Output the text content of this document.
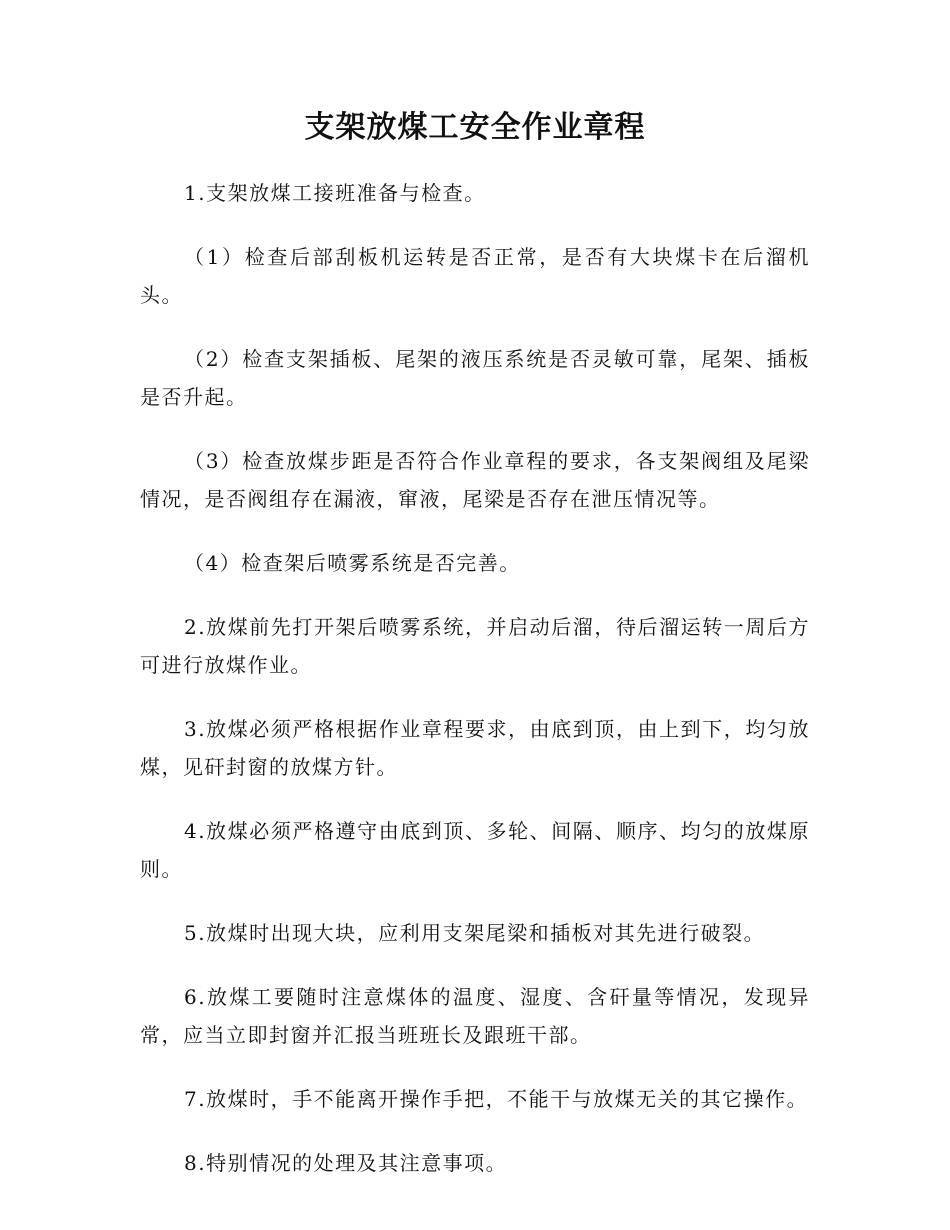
支架放煤工安全作业章程

1.支架放煤工接班准备与检查。

（1）检查后部刮板机运转是否正常，是否有大块煤卡在后溜机头。

（2）检查支架插板、尾架的液压系统是否灵敏可靠，尾架、插板是否升起。

（3）检查放煤步距是否符合作业章程的要求，各支架阀组及尾梁情况，是否阀组存在漏液，窜液，尾梁是否存在泄压情况等。

（4）检查架后喷雾系统是否完善。

2.放煤前先打开架后喷雾系统，并启动后溜，待后溜运转一周后方可进行放煤作业。

3.放煤必须严格根据作业章程要求，由底到顶，由上到下，均匀放煤，见矸封窗的放煤方针。

4.放煤必须严格遵守由底到顶、多轮、间隔、顺序、均匀的放煤原则。

5.放煤时出现大块，应利用支架尾梁和插板对其先进行破裂。

6.放煤工要随时注意煤体的温度、湿度、含矸量等情况，发现异常，应当立即封窗并汇报当班班长及跟班干部。

7.放煤时，手不能离开操作手把，不能干与放煤无关的其它操作。

8.特别情况的处理及其注意事项。
